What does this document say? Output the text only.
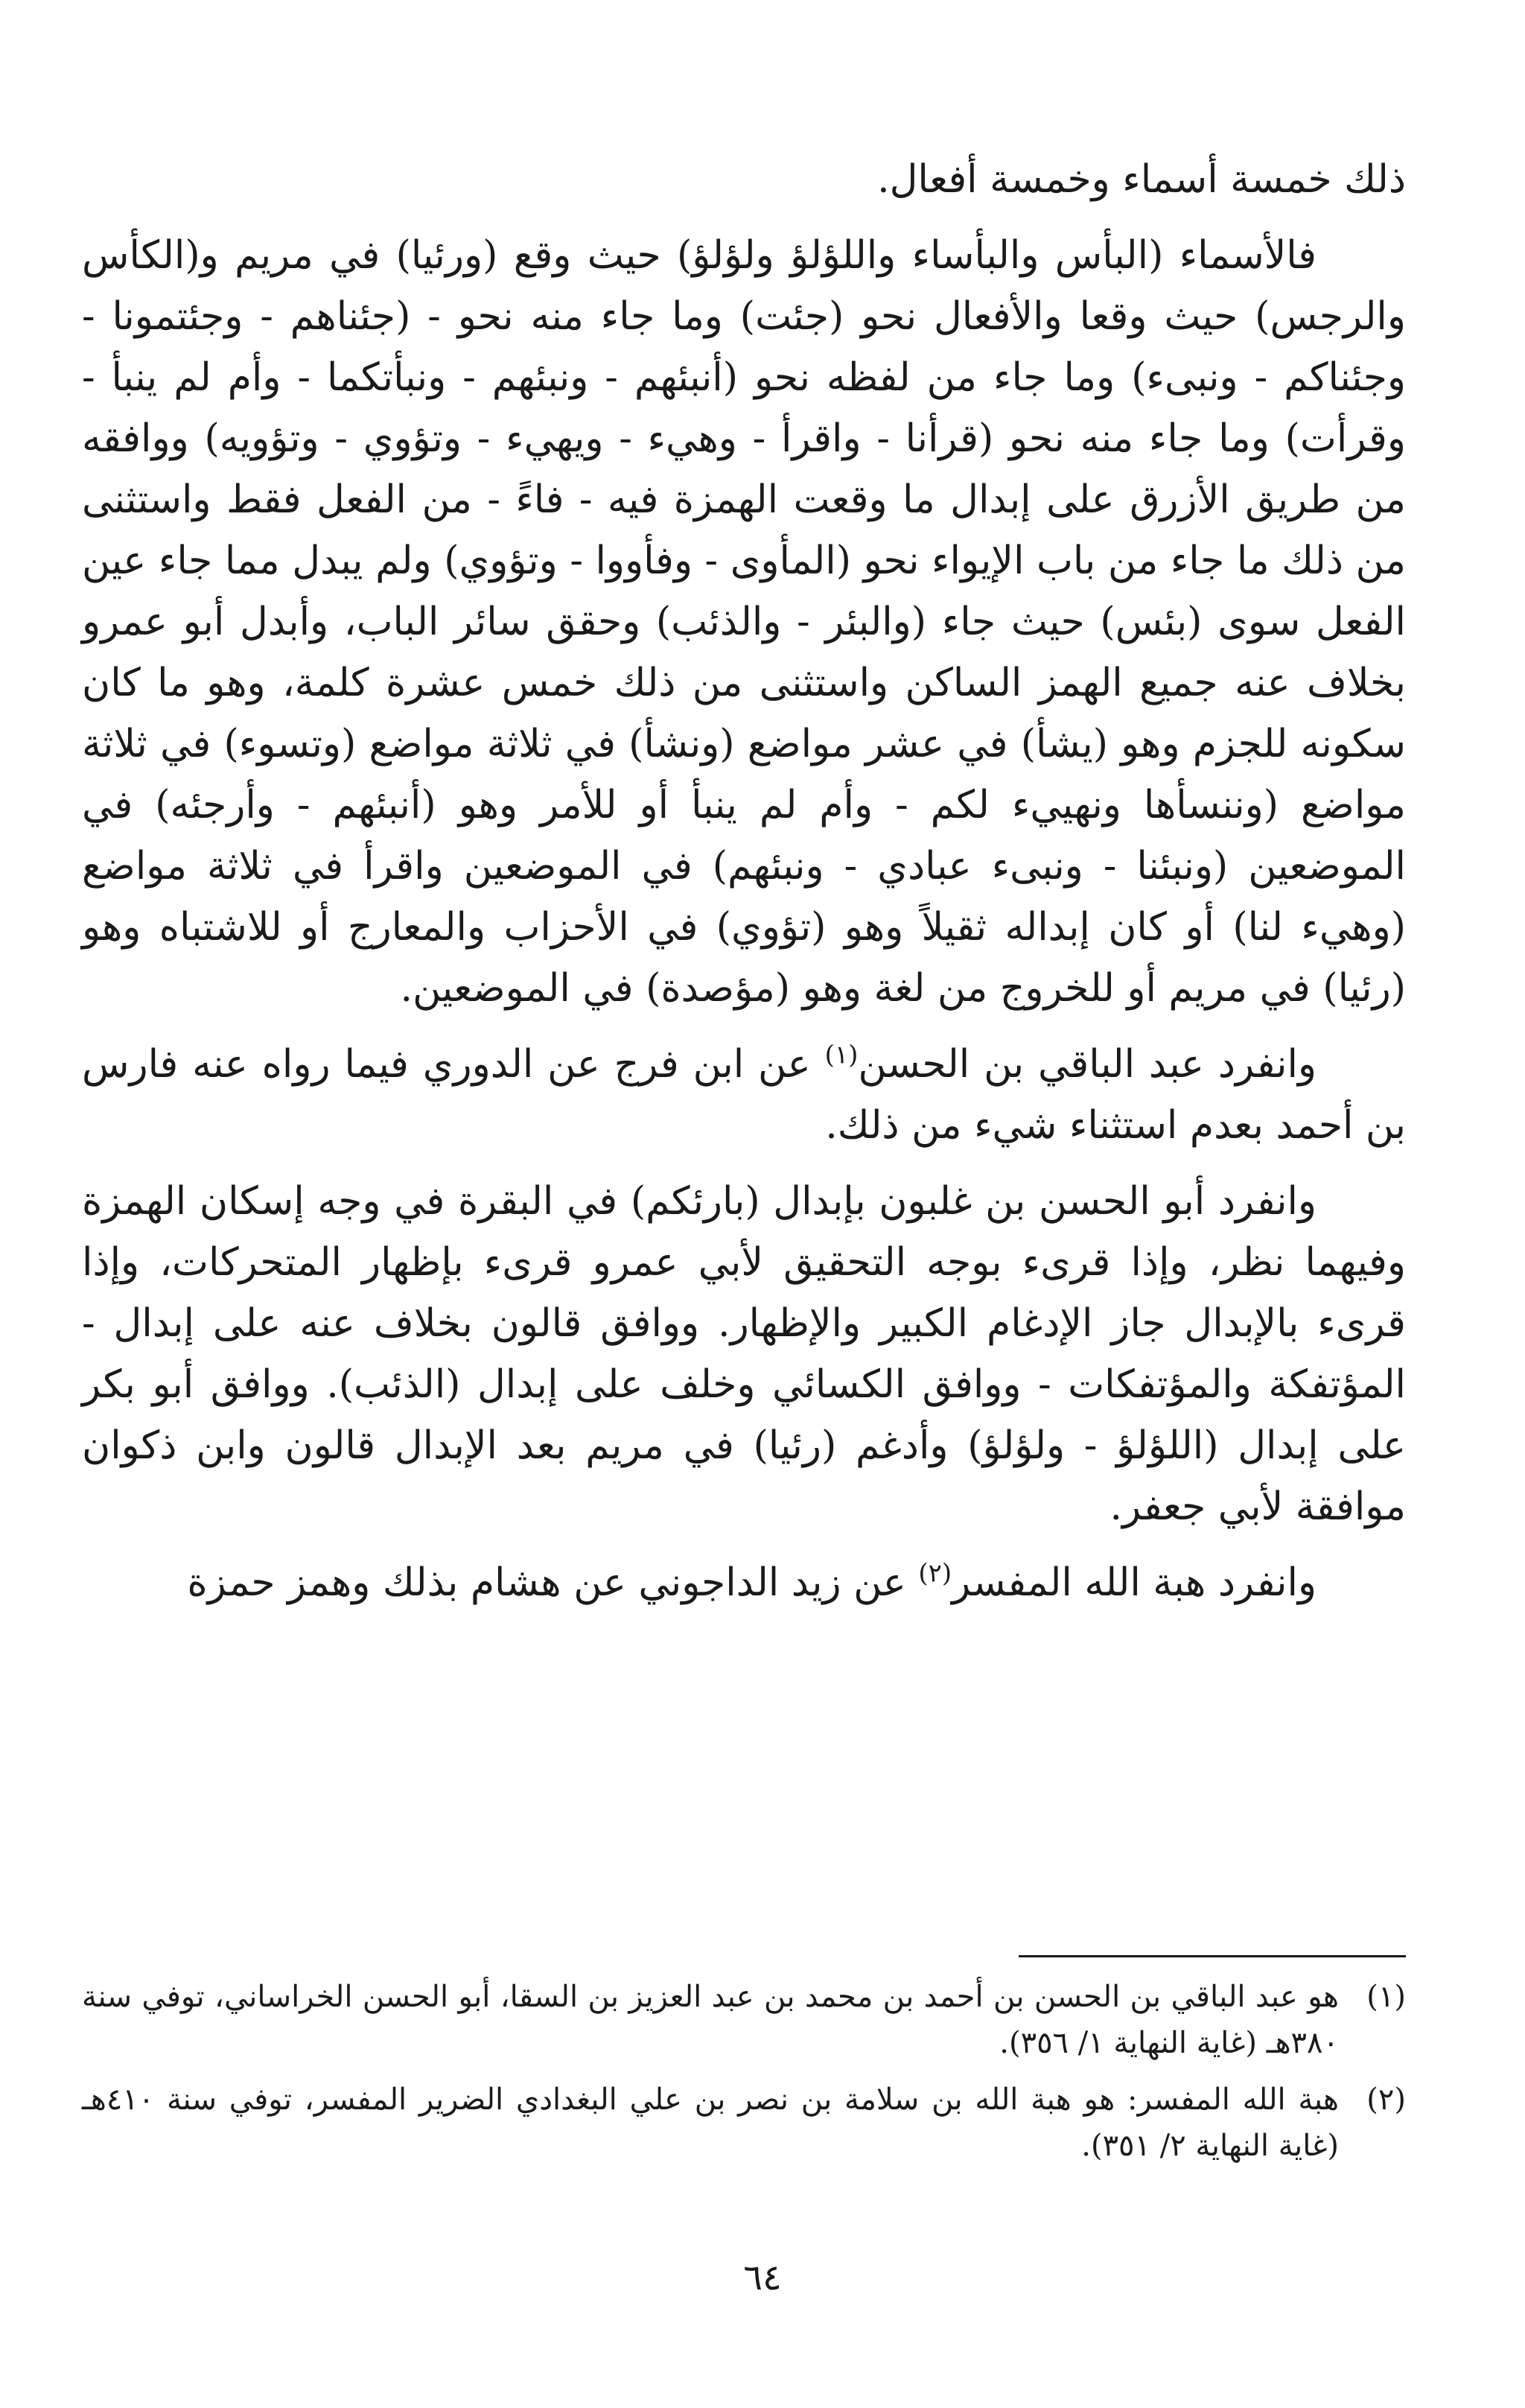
ذلك خمسة أسماء وخمسة أفعال.

فالأسماء (البأس والبأساء واللؤلؤ ولؤلؤ) حيث وقع (ورئيا) في مريم و(الكأس والرجس) حيث وقعا والأفعال نحو (جئت) وما جاء منه نحو - (جئناهم - وجئتمونا - وجئناكم - ونبىء) وما جاء من لفظه نحو (أنبئهم - ونبئهم - ونبأتكما - وأم لم ينبأ - وقرأت) وما جاء منه نحو (قرأنا - واقرأ - وهيء - ويهيء - وتؤوي - وتؤويه) ووافقه من طريق الأزرق على إبدال ما وقعت الهمزة فيه - فاءً - من الفعل فقط واستثنى من ذلك ما جاء من باب الإيواء نحو (المأوى - وفأووا - وتؤوي) ولم يبدل مما جاء عين الفعل سوى (بئس) حيث جاء (والبئر - والذئب) وحقق سائر الباب، وأبدل أبو عمرو بخلاف عنه جميع الهمز الساكن واستثنى من ذلك خمس عشرة كلمة، وهو ما كان سكونه للجزم وهو (يشأ) في عشر مواضع (ونشأ) في ثلاثة مواضع (وتسوء) في ثلاثة مواضع (وننسأها ونهييء لكم - وأم لم ينبأ أو للأمر وهو (أنبئهم - وأرجئه) في الموضعين (ونبئنا - ونبىء عبادي - ونبئهم) في الموضعين واقرأ في ثلاثة مواضع (وهيء لنا) أو كان إبداله ثقيلاً وهو (تؤوي) في الأحزاب والمعارج أو للاشتباه وهو (رئيا) في مريم أو للخروج من لغة وهو (مؤصدة) في الموضعين.

وانفرد عبد الباقي بن الحسن$^{(١)}$ عن ابن فرج عن الدوري فيما رواه عنه فارس بن أحمد بعدم استثناء شيء من ذلك.

وانفرد أبو الحسن بن غلبون بإبدال (بارئكم) في البقرة في وجه إسكان الهمزة وفيهما نظر، وإذا قرىء بوجه التحقيق لأبي عمرو قرىء بإظهار المتحركات، وإذا قرىء بالإبدال جاز الإدغام الكبير والإظهار. ووافق قالون بخلاف عنه على إبدال - المؤتفكة والمؤتفكات - ووافق الكسائي وخلف على إبدال (الذئب). ووافق أبو بكر على إبدال (اللؤلؤ - ولؤلؤ) وأدغم (رئيا) في مريم بعد الإبدال قالون وابن ذكوان موافقة لأبي جعفر.

وانفرد هبة الله المفسر$^{(٢)}$ عن زيد الداجوني عن هشام بذلك وهمز حمزة

(١)
هو عبد الباقي بن الحسن بن أحمد بن محمد بن عبد العزيز بن السقا، أبو الحسن الخراساني، توفي سنة ٣٨٠هـ (غاية النهاية ١/ ٣٥٦).
(٢)
هبة الله المفسر: هو هبة الله بن سلامة بن نصر بن علي البغدادي الضرير المفسر، توفي سنة ٤١٠هـ (غاية النهاية ٢/ ٣٥١).
٦٤
